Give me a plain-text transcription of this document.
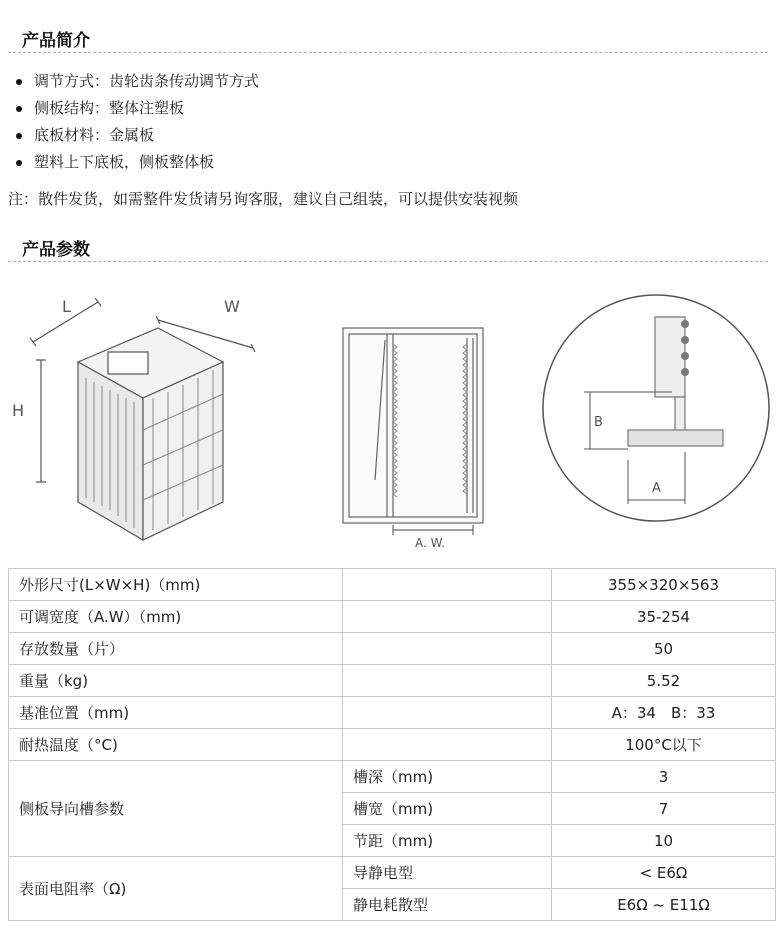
产品简介
调节方式：齿轮齿条传动调节方式
侧板结构：整体注塑板
底板材料：金属板
塑料上下底板，侧板整体板
注：散件发货，如需整件发货请另询客服，建议自己组装，可以提供安装视频
产品参数
L	W
H
A. W.
B
A
外形尺寸(L×W×H)（mm)		355×320×563
可调宽度（A.W）（mm)		35-254
存放数量（片）		50
重量（kg)		5.52
基准位置（mm)		A：34　B：33
耐热温度（°C)		100°C以下
侧板导向槽参数	槽深（mm)	3
	槽宽（mm)	7
	节距（mm)	10
表面电阻率（Ω)	导静电型	< E6Ω
	静电耗散型	E6Ω ~ E11Ω
